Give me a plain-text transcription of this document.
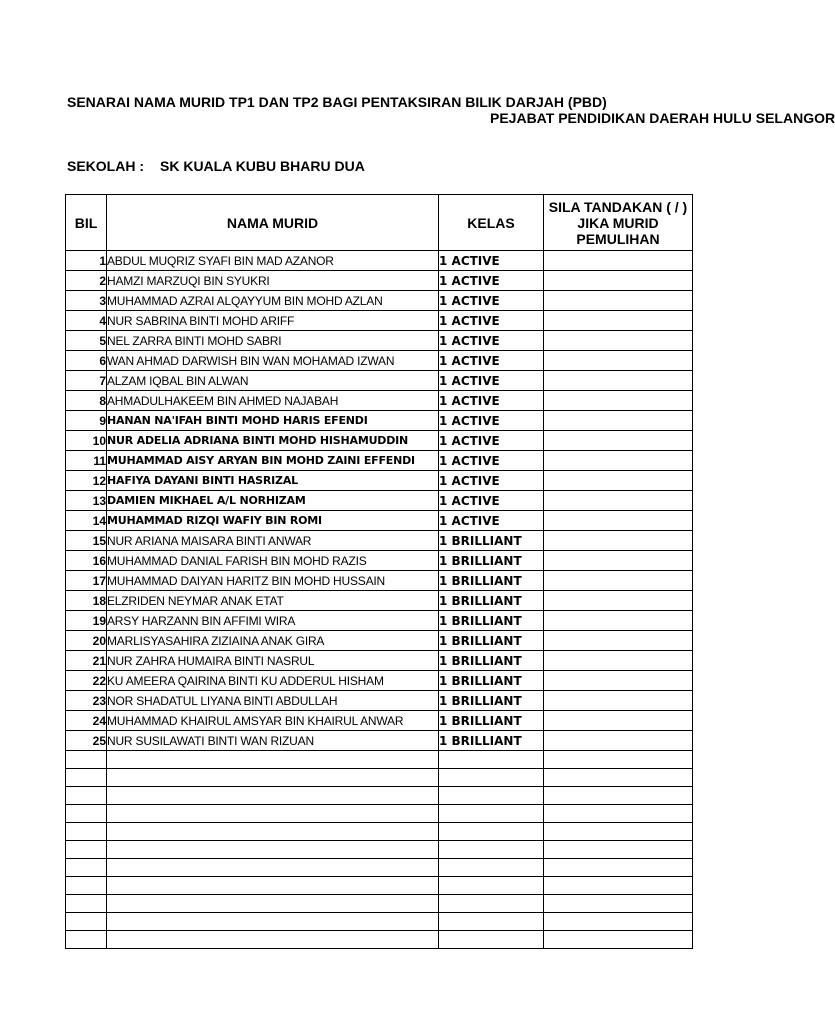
SENARAI NAMA MURID TP1 DAN TP2 BAGI PENTAKSIRAN BILIK DARJAH (PBD)
PEJABAT PENDIDIKAN DAERAH HULU SELANGOR
SEKOLAH : SK KUALA KUBU BHARU DUA
BIL	NAMA MURID	KELAS	SILA TANDAKAN ( / ) JIKA MURID PEMULIHAN
1	ABDUL MUQRIZ SYAFI BIN MAD AZANOR	1 ACTIVE	
2	HAMZI MARZUQI BIN SYUKRI	1 ACTIVE	
3	MUHAMMAD AZRAI ALQAYYUM BIN MOHD AZLAN	1 ACTIVE	
4	NUR SABRINA BINTI MOHD ARIFF	1 ACTIVE	
5	NEL ZARRA BINTI MOHD SABRI	1 ACTIVE	
6	WAN AHMAD DARWISH BIN WAN MOHAMAD IZWAN	1 ACTIVE	
7	ALZAM IQBAL BIN ALWAN	1 ACTIVE	
8	AHMADULHAKEEM BIN AHMED NAJABAH	1 ACTIVE	
9	HANAN NA'IFAH BINTI MOHD HARIS EFENDI	1 ACTIVE	
10	NUR ADELIA ADRIANA BINTI MOHD HISHAMUDDIN	1 ACTIVE	
11	MUHAMMAD AISY ARYAN BIN MOHD ZAINI EFFENDI	1 ACTIVE	
12	HAFIYA DAYANI BINTI HASRIZAL	1 ACTIVE	
13	DAMIEN MIKHAEL A/L NORHIZAM	1 ACTIVE	
14	MUHAMMAD RIZQI WAFIY BIN ROMI	1 ACTIVE	
15	NUR ARIANA MAISARA BINTI ANWAR	1 BRILLIANT	
16	MUHAMMAD DANIAL FARISH BIN MOHD RAZIS	1 BRILLIANT	
17	MUHAMMAD DAIYAN HARITZ BIN MOHD HUSSAIN	1 BRILLIANT	
18	ELZRIDEN NEYMAR ANAK ETAT	1 BRILLIANT	
19	ARSY HARZANN BIN AFFIMI WIRA	1 BRILLIANT	
20	MARLISYASAHIRA ZIZIAINA ANAK GIRA	1 BRILLIANT	
21	NUR ZAHRA HUMAIRA BINTI NASRUL	1 BRILLIANT	
22	KU AMEERA QAIRINA BINTI KU ADDERUL HISHAM	1 BRILLIANT	
23	NOR SHADATUL LIYANA BINTI ABDULLAH	1 BRILLIANT	
24	MUHAMMAD KHAIRUL AMSYAR BIN KHAIRUL ANWAR	1 BRILLIANT	
25	NUR SUSILAWATI BINTI WAN RIZUAN	1 BRILLIANT	
